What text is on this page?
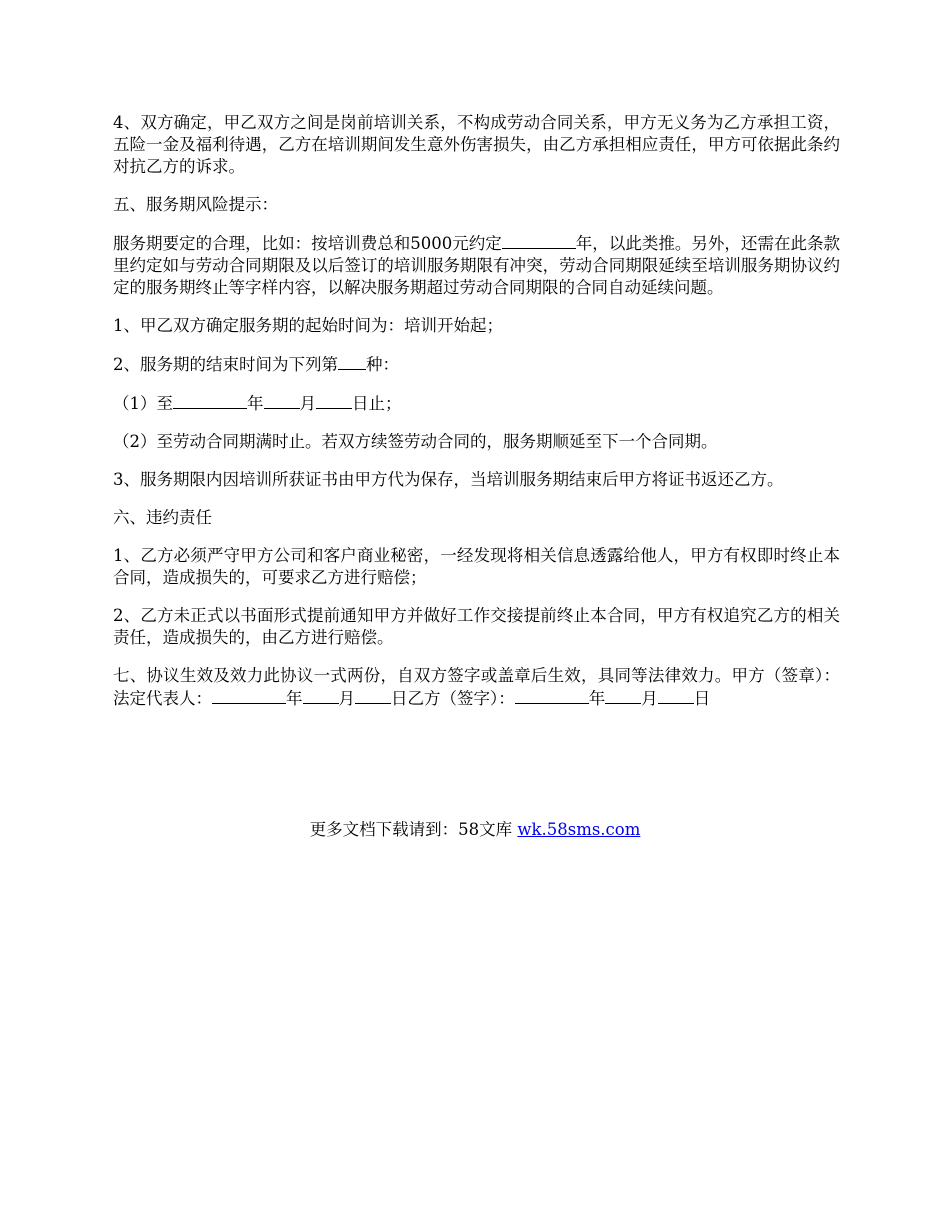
4、双方确定，甲乙双方之间是岗前培训关系，不构成劳动合同关系，甲方无义务为乙方承担工资，五险一金及福利待遇，乙方在培训期间发生意外伤害损失，由乙方承担相应责任，甲方可依据此条约对抗乙方的诉求。

五、服务期风险提示：

服务期要定的合理，比如：按培训费总和5000元约定	年，以此类推。另外，还需在此条款里约定如与劳动合同期限及以后签订的培训服务期限有冲突，劳动合同期限延续至培训服务期协议约定的服务期终止等字样内容，以解决服务期超过劳动合同期限的合同自动延续问题。

1、甲乙双方确定服务期的起始时间为：培训开始起；

2、服务期的结束时间为下列第 种：

（1）至	年 月 日止；

（2）至劳动合同期满时止。若双方续签劳动合同的，服务期顺延至下一个合同期。

3、服务期限内因培训所获证书由甲方代为保存，当培训服务期结束后甲方将证书返还乙方。

六、违约责任

1、乙方必须严守甲方公司和客户商业秘密，一经发现将相关信息透露给他人，甲方有权即时终止本合同，造成损失的，可要求乙方进行赔偿；

2、乙方未正式以书面形式提前通知甲方并做好工作交接提前终止本合同，甲方有权追究乙方的相关责任，造成损失的，由乙方进行赔偿。

七、协议生效及效力此协议一式两份，自双方签字或盖章后生效，具同等法律效力。甲方（签章）：法定代表人：	年 月 日乙方（签字）：	年 月 日

更多文档下载请到：58文库 wk.58sms.com
